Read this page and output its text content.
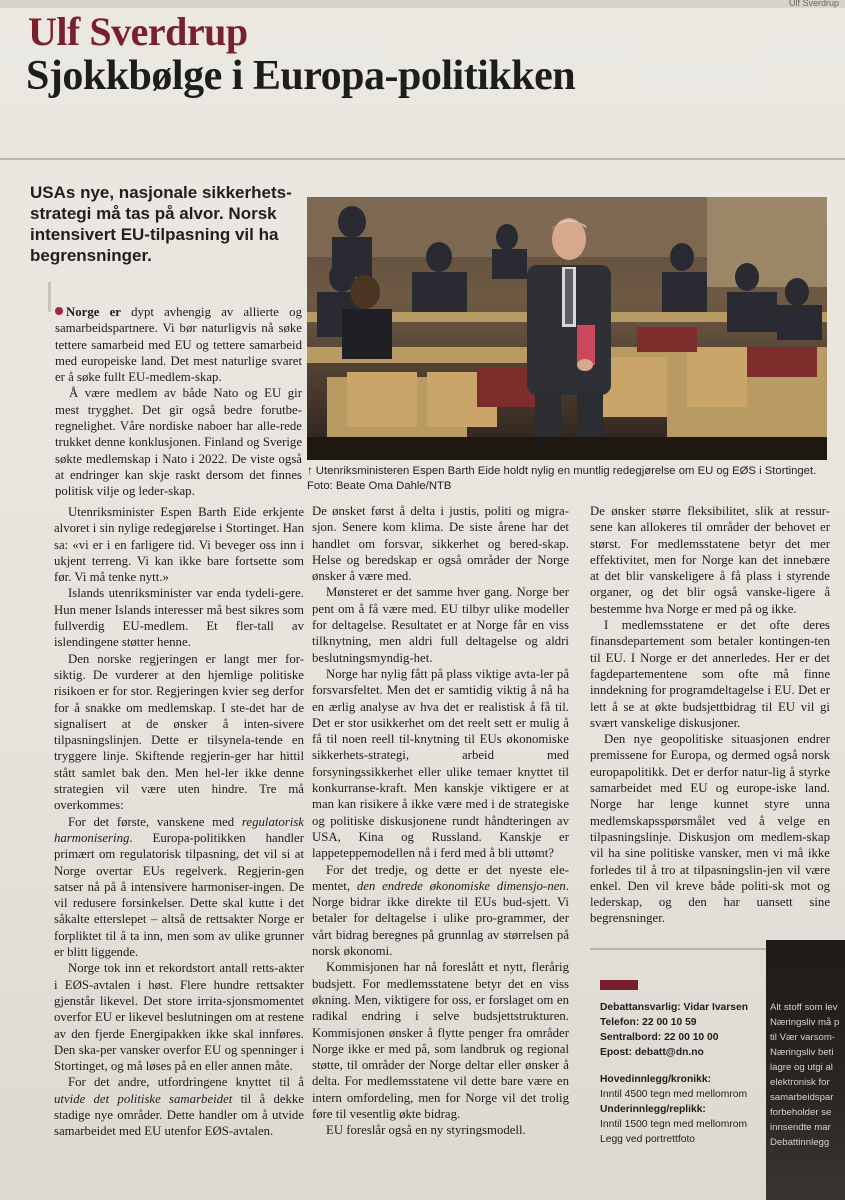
Ulf Sverdrup
Sjokkbølge i Europa-politikken
USAs nye, nasjonale sikkerhets-strategi må tas på alvor. Norsk intensivert EU-tilpasning vil ha begrensninger.
↑ Utenriksministeren Espen Barth Eide holdt nylig en muntlig redegjørelse om EU og EØS i Stortinget. Foto: Beate Oma Dahle/NTB

Norge er dypt avhengig av allierte og samarbeidspartnere. Vi bør naturligvis nå søke tettere samarbeid med EU og tettere samarbeid med europeiske land. Det mest naturlige svaret er å søke fullt EU-medlem-skap.

Å være medlem av både Nato og EU gir mest trygghet. Det gir også bedre forutbe-regnelighet. Våre nordiske naboer har alle-rede trukket denne konklusjonen. Finland og Sverige søkte medlemskap i Nato i 2022. De viste også at endringer kan skje raskt dersom det finnes politisk vilje og leder-skap.

Utenriksminister Espen Barth Eide erkjente alvoret i sin nylige redegjørelse i Stortinget. Han sa: «vi er i en farligere tid. Vi beveger oss inn i ukjent terreng. Vi kan ikke bare fortsette som før. Vi må tenke nytt.»

Islands utenriksminister var enda tydeli-gere. Hun mener Islands interesser må best sikres som fullverdig EU-medlem. Et fler-tall av islendingene støtter henne.

Den norske regjeringen er langt mer for-siktig. De vurderer at den hjemlige politiske risikoen er for stor. Regjeringen kvier seg derfor for å snakke om medlemskap. I ste-det har de signalisert at de ønsker å inten-sivere tilpasningslinjen. Dette er tilsynela-tende en tryggere linje. Skiftende regjerin-ger har hittil stått samlet bak den. Men hel-ler ikke denne strategien vil være uten hindre. Tre må overkommes:

For det første, vanskene med regulatorisk harmonisering. Europa-politikken handler primært om regulatorisk tilpasning, det vil si at Norge overtar EUs regelverk. Regjerin-gen satser nå på å intensivere harmoniser-ingen. De vil redusere forsinkelser. Dette skal kutte i det såkalte etterslepet – altså de rettsakter Norge er forpliktet til å ta inn, men som av ulike grunner er blitt liggende.

Norge tok inn et rekordstort antall retts-akter i EØS-avtalen i høst. Flere hundre rettsakter gjenstår likevel. Det store irrita-sjonsmomentet overfor EU er likevel beslutningen om at restene av den fjerde Energipakken ikke skal innføres. Den ska-per vansker overfor EU og spenninger i Stortinget, og må løses på en eller annen måte.

For det andre, utfordringene knyttet til å utvide det politiske samarbeidet til å dekke stadige nye områder. Dette handler om å utvide samarbeidet med EU utenfor EØS-avtalen.

De ønsket først å delta i justis, politi og migra-sjon. Senere kom klima. De siste årene har det handlet om forsvar, sikkerhet og bered-skap. Helse og beredskap er også områder der Norge ønsker å være med.

Mønsteret er det samme hver gang. Norge ber pent om å få være med. EU tilbyr ulike modeller for deltagelse. Resultatet er at Norge får en viss tilknytning, men aldri full deltagelse og aldri beslutningsmyndig-het.

Norge har nylig fått på plass viktige avta-ler på forsvarsfeltet. Men det er samtidig viktig å nå ha en ærlig analyse av hva det er realistisk å få til. Det er stor usikkerhet om det reelt sett er mulig å få til noen reell til-knytning til EUs økonomiske sikkerhets-strategi, arbeid med forsyningssikkerhet eller ulike temaer knyttet til konkurranse-kraft. Men kanskje viktigere er at man kan risikere å ikke være med i de strategiske og politiske diskusjonene rundt håndteringen av USA, Kina og Russland. Kanskje er lappeteppemodellen nå i ferd med å bli uttømt?

For det tredje, og dette er det nyeste ele-mentet, den endrede økonomiske dimensjo-nen. Norge bidrar ikke direkte til EUs bud-sjett. Vi betaler for deltagelse i ulike pro-grammer, der vårt bidrag beregnes på grunnlag av størrelsen på norsk økonomi.

Kommisjonen har nå foreslått et nytt, flerårig budsjett. For medlemsstatene betyr det en viss økning. Men, viktigere for oss, er forslaget om en radikal endring i selve budsjettstrukturen. Kommisjonen ønsker å flytte penger fra områder Norge ikke er med på, som landbruk og regional støtte, til områder der Norge deltar eller ønsker å delta. For medlemsstatene vil dette bare være en intern omfordeling, men for Norge vil det trolig føre til vesentlig økte bidrag.

EU foreslår også en ny styringsmodell.

De ønsker større fleksibilitet, slik at ressur-sene kan allokeres til områder der behovet er størst. For medlemsstatene betyr det mer effektivitet, men for Norge kan det innebære at det blir vanskeligere å få plass i styrende organer, og det blir også vanske-ligere å bestemme hva Norge er med på og ikke.

I medlemsstatene er det ofte deres finansdepartement som betaler kontingen-ten til EU. I Norge er det annerledes. Her er det fagdepartementene som ofte må finne inndekning for programdeltagelse i EU. Det er lett å se at økte budsjettbidrag til EU vil gi svært vanskelige diskusjoner.

Den nye geopolitiske situasjonen endrer premissene for Europa, og dermed også norsk europapolitikk. Det er derfor natur-lig å styrke samarbeidet med EU og europe-iske land. Norge har lenge kunnet styre unna medlemskapsspørsmålet ved å velge en tilpasningslinje. Diskusjon om medlem-skap vil ha sine politiske vansker, men vi må ikke forledes til å tro at tilpasningslin-jen vil være enkel. Den vil kreve både politi-sk mot og lederskap, og den har uansett sine begrensninger.

Debattansvarlig: Vidar Ivarsen
Telefon: 22 00 10 59
Sentralbord: 22 00 10 00
Epost: debatt@dn.no
Hovedinnlegg/kronikk:
Inntil 4500 tegn med mellomrom
Underinnlegg/replikk:
Inntil 1500 tegn med mellomrom
Legg ved portrettfoto
Alt stoff som lev
Næringsliv må p
til Vær varsom-
Næringsliv beti
lagre og utgi al
elektronisk for
samarbeidspar
forbeholder se
innsendte mar
Debattinnlegg
Ulf Sverdrup
